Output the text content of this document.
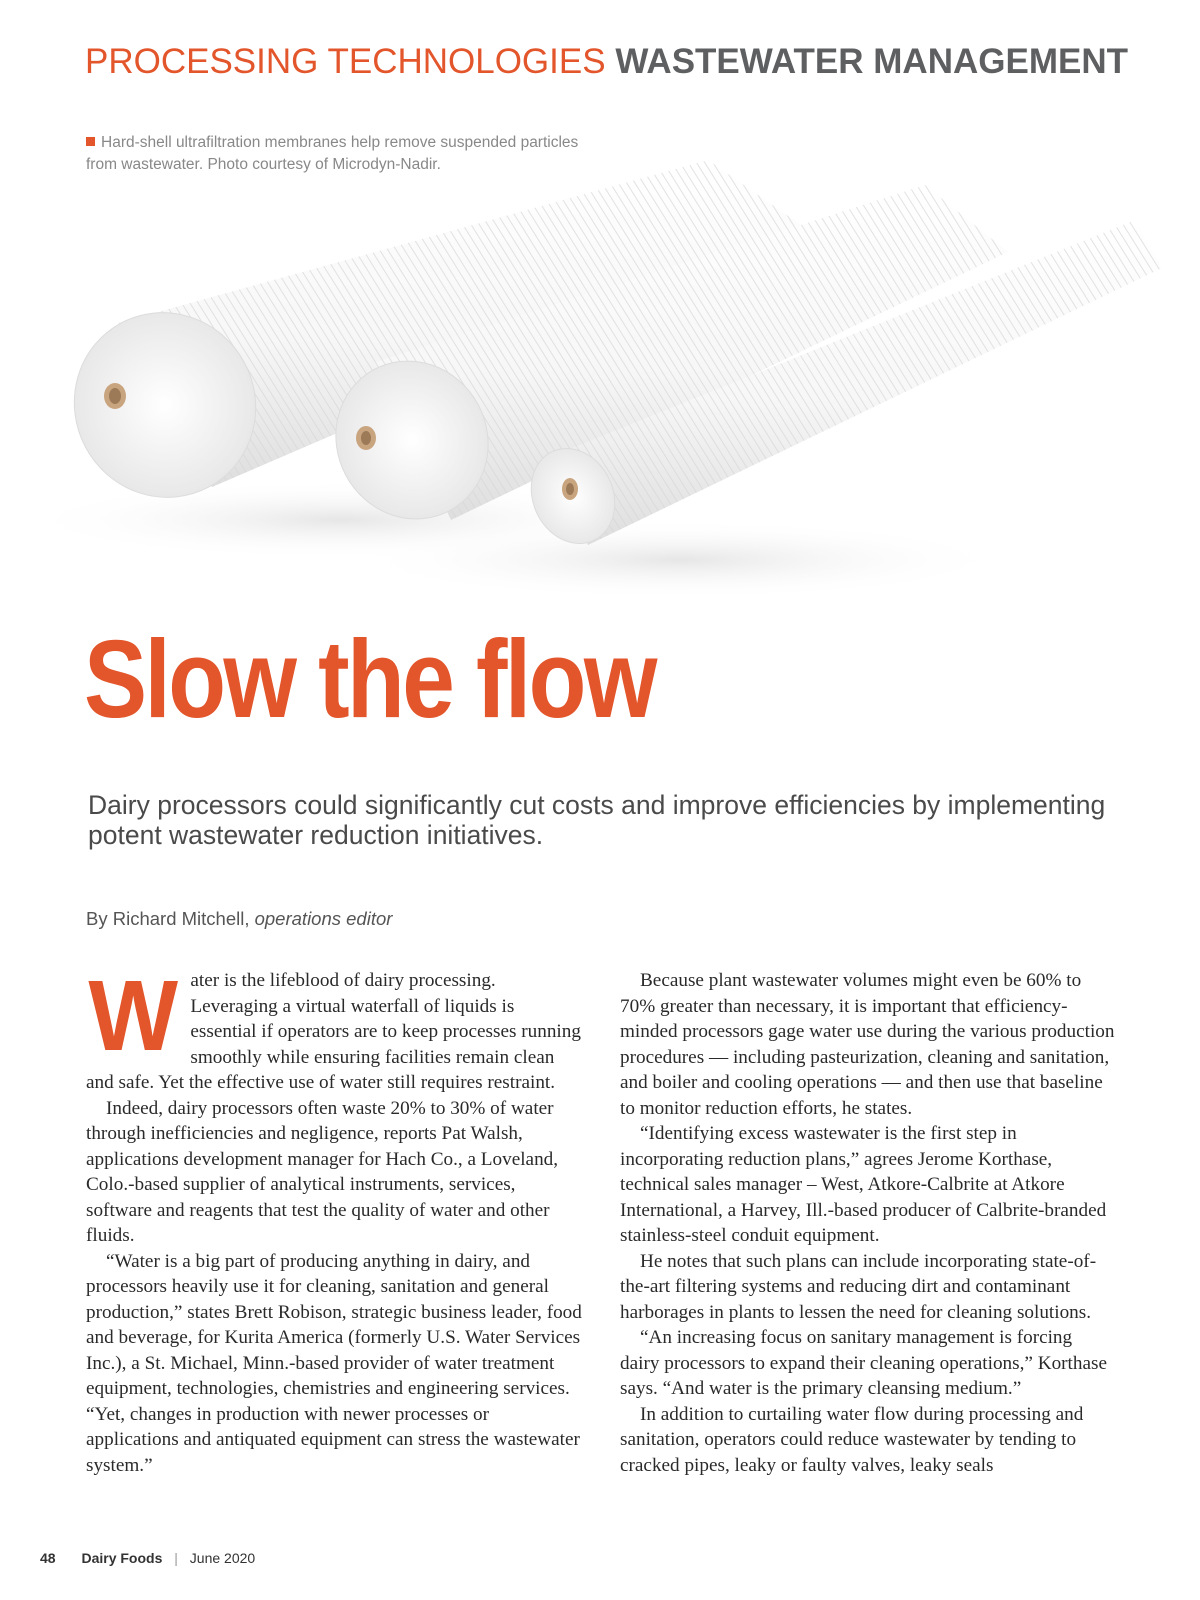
PROCESSING TECHNOLOGIES WASTEWATER MANAGEMENT
Hard-shell ultrafiltration membranes help remove suspended particles from wastewater. Photo courtesy of Microdyn-Nadir.
Slow the flow
Dairy processors could significantly cut costs and improve efficiencies by implementing potent wastewater reduction initiatives.
By Richard Mitchell, operations editor
W ater is the lifeblood of dairy processing. Leveraging a virtual waterfall of liquids is essential if operators are to keep processes running smoothly while ensuring facilities remain clean and safe. Yet the effective use of water still requires restraint.

Indeed, dairy processors often waste 20% to 30% of water through inefficiencies and negligence, reports Pat Walsh, applications development manager for Hach Co., a Loveland, Colo.-based supplier of analytical instruments, services, software and reagents that test the quality of water and other fluids.

“Water is a big part of producing anything in dairy, and processors heavily use it for cleaning, sanitation and general production,” states Brett Robison, strategic business leader, food and beverage, for Kurita America (formerly U.S. Water Services Inc.), a St. Michael, Minn.-based provider of water treatment equipment, technologies, chemistries and engineering services. “Yet, changes in production with newer processes or applications and antiquated equipment can stress the wastewater system.”

Because plant wastewater volumes might even be 60% to 70% greater than necessary, it is important that efficiency-minded processors gage water use during the various production procedures — including pasteurization, cleaning and sanitation, and boiler and cooling operations — and then use that baseline to monitor reduction efforts, he states.

“Identifying excess wastewater is the first step in incorporating reduction plans,” agrees Jerome Korthase, technical sales manager – West, Atkore-Calbrite at Atkore International, a Harvey, Ill.-based producer of Calbrite-branded stainless-steel conduit equipment.

He notes that such plans can include incorporating state-of-the-art filtering systems and reducing dirt and contaminant harborages in plants to lessen the need for cleaning solutions.

“An increasing focus on sanitary management is forcing dairy processors to expand their cleaning operations,” Korthase says. “And water is the primary cleansing medium.”

In addition to curtailing water flow during processing and sanitation, operators could reduce wastewater by tending to cracked pipes, leaky or faulty valves, leaky seals

48 Dairy Foods | June 2020
